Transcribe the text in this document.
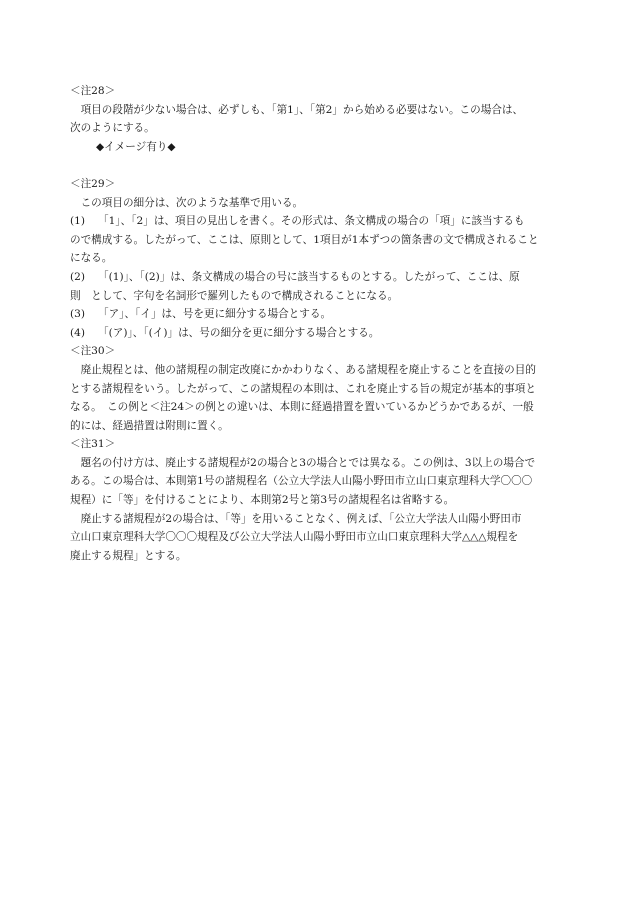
＜注28＞
項目の段階が少ない場合は、必ずしも、「第1」、「第2」から始める必要はない。この場合は、
次のようにする。
◆イメージ有り◆
＜注29＞
この項目の細分は、次のような基準で用いる。
(1)	「1」、「2」は、項目の見出しを書く。その形式は、条文構成の場合の「項」に該当するも
ので構成する。したがって、ここは、原則として、1項目が1本ずつの箇条書の文で構成されること
になる。
(2)	「(1)」、「(2)」は、条文構成の場合の号に該当するものとする。したがって、ここは、原
則　として、字句を名詞形で羅列したもので構成されることになる。
(3)	「ア」、「イ」は、号を更に細分する場合とする。
(4)	「(ア)」、「(イ)」は、号の細分を更に細分する場合とする。
＜注30＞
廃止規程とは、他の諸規程の制定改廃にかかわりなく、ある諸規程を廃止することを直接の目的
とする諸規程をいう。したがって、この諸規程の本則は、これを廃止する旨の規定が基本的事項と
なる。　この例と＜注24＞の例との違いは、本則に経過措置を置いているかどうかであるが、一般
的には、経過措置は附則に置く。
＜注31＞
題名の付け方は、廃止する諸規程が2の場合と3の場合とでは異なる。この例は、3以上の場合で
ある。この場合は、本則第1号の諸規程名（公立大学法人山陽小野田市立山口東京理科大学〇〇〇
規程）に「等」を付けることにより、本則第2号と第3号の諸規程名は省略する。
廃止する諸規程が2の場合は、「等」を用いることなく、例えば、「公立大学法人山陽小野田市
立山口東京理科大学〇〇〇規程及び公立大学法人山陽小野田市立山口東京理科大学△△△規程を
廃止する規程」とする。
